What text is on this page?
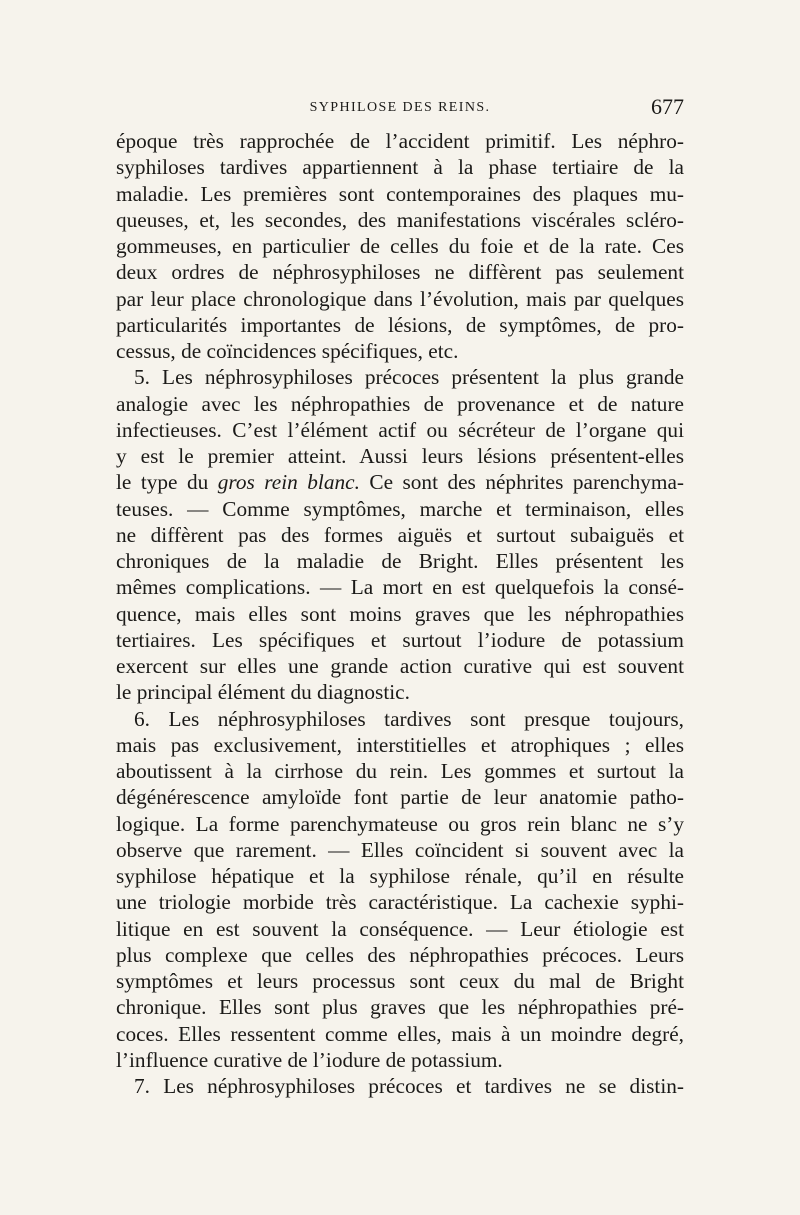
SYPHILOSE DES REINS.	677
époque très rapprochée de l’accident primitif. Les néphro-
syphiloses tardives appartiennent à la phase tertiaire de la
maladie. Les premières sont contemporaines des plaques mu-
queuses, et, les secondes, des manifestations viscérales scléro-
gommeuses, en particulier de celles du foie et de la rate. Ces
deux ordres de néphrosyphiloses ne diffèrent pas seulement
par leur place chronologique dans l’évolution, mais par quelques
particularités importantes de lésions, de symptômes, de pro-
cessus, de coïncidences spécifiques, etc.
5. Les néphrosyphiloses précoces présentent la plus grande
analogie avec les néphropathies de provenance et de nature
infectieuses. C’est l’élément actif ou sécréteur de l’organe qui
y est le premier atteint. Aussi leurs lésions présentent-elles
le type du gros rein blanc. Ce sont des néphrites parenchyma-
teuses. — Comme symptômes, marche et terminaison, elles
ne diffèrent pas des formes aiguës et surtout subaiguës et
chroniques de la maladie de Bright. Elles présentent les
mêmes complications. — La mort en est quelquefois la consé-
quence, mais elles sont moins graves que les néphropathies
tertiaires. Les spécifiques et surtout l’iodure de potassium
exercent sur elles une grande action curative qui est souvent
le principal élément du diagnostic.
6. Les néphrosyphiloses tardives sont presque toujours,
mais pas exclusivement, interstitielles et atrophiques ; elles
aboutissent à la cirrhose du rein. Les gommes et surtout la
dégénérescence amyloïde font partie de leur anatomie patho-
logique. La forme parenchymateuse ou gros rein blanc ne s’y
observe que rarement. — Elles coïncident si souvent avec la
syphilose hépatique et la syphilose rénale, qu’il en résulte
une triologie morbide très caractéristique. La cachexie syphi-
litique en est souvent la conséquence. — Leur étiologie est
plus complexe que celles des néphropathies précoces. Leurs
symptômes et leurs processus sont ceux du mal de Bright
chronique. Elles sont plus graves que les néphropathies pré-
coces. Elles ressentent comme elles, mais à un moindre degré,
l’influence curative de l’iodure de potassium.
7. Les néphrosyphiloses précoces et tardives ne se distin-
